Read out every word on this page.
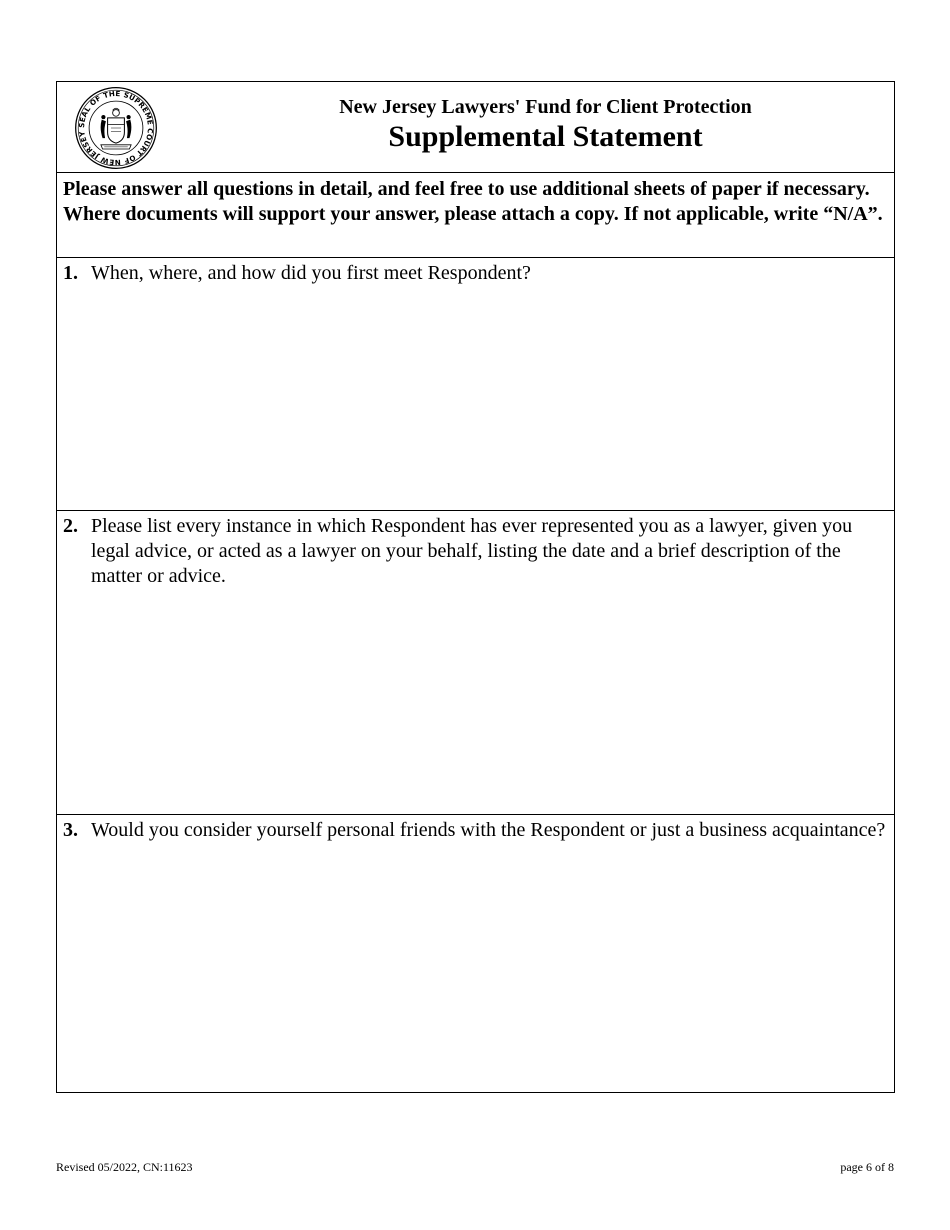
SEAL OF THE SUPREME COURT OF NEW JERSEY
New Jersey Lawyers' Fund for Client Protection
Supplemental Statement
Please answer all questions in detail, and feel free to use additional sheets of paper if necessary. Where documents will support your answer, please attach a copy. If not applicable, write “N/A”.
1. When, where, and how did you first meet Respondent?
2. Please list every instance in which Respondent has ever represented you as a lawyer, given you legal advice, or acted as a lawyer on your behalf, listing the date and a brief description of the matter or advice.
3. Would you consider yourself personal friends with the Respondent or just a business acquaintance?
Revised 05/2022, CN:11623	page 6 of 8
